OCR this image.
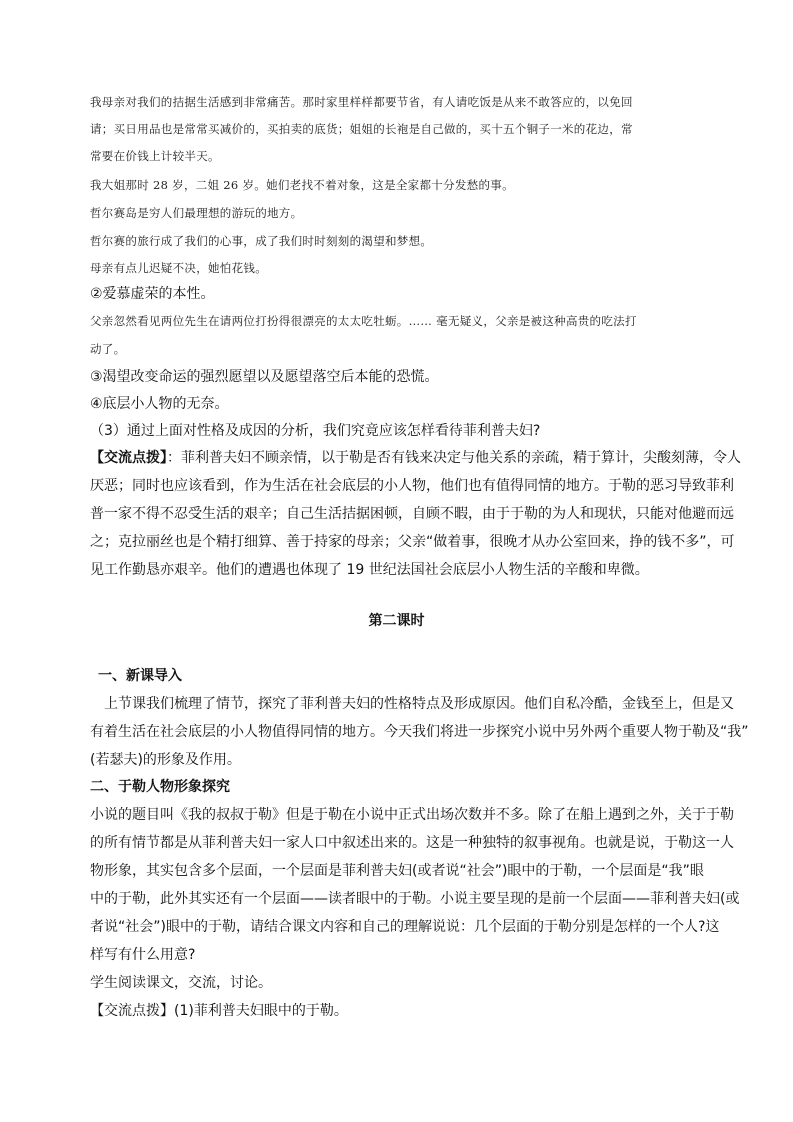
我母亲对我们的拮据生活感到非常痛苦。那时家里样样都要节省，有人请吃饭是从来不敢答应的，以免回
请；买日用品也是常常买减价的，买拍卖的底货；姐姐的长袍是自己做的，买十五个铜子一米的花边，常
常要在价钱上计较半天。
我大姐那时 28 岁，二姐 26 岁。她们老找不着对象，这是全家都十分发愁的事。
哲尔赛岛是穷人们最理想的游玩的地方。
哲尔赛的旅行成了我们的心事，成了我们时时刻刻的渴望和梦想。
母亲有点儿迟疑不决，她怕花钱。
②爱慕虚荣的本性。
父亲忽然看见两位先生在请两位打扮得很漂亮的太太吃牡蛎。…… 毫无疑义，父亲是被这种高贵的吃法打
动了。
③渴望改变命运的强烈愿望以及愿望落空后本能的恐慌。
④底层小人物的无奈。
（3）通过上面对性格及成因的分析，我们究竟应该怎样看待菲利普夫妇?
【交流点拨】：菲利普夫妇不顾亲情，以于勒是否有钱来决定与他关系的亲疏，精于算计，尖酸刻薄，令人
厌恶；同时也应该看到，作为生活在社会底层的小人物，他们也有值得同情的地方。于勒的恶习导致菲利
普一家不得不忍受生活的艰辛；自己生活拮据困顿，自顾不暇，由于于勒的为人和现状，只能对他避而远
之；克拉丽丝也是个精打细算、善于持家的母亲；父亲“做着事，很晚才从办公室回来，挣的钱不多”，可
见工作勤恳亦艰辛。他们的遭遇也体现了 19 世纪法国社会底层小人物生活的辛酸和卑微。
第二课时
一、新课导入
上节课我们梳理了情节，探究了菲利普夫妇的性格特点及形成原因。他们自私冷酷，金钱至上，但是又
有着生活在社会底层的小人物值得同情的地方。今天我们将进一步探究小说中另外两个重要人物于勒及“我”
(若瑟夫)的形象及作用。
二、于勒人物形象探究
小说的题目叫《我的叔叔于勒》但是于勒在小说中正式出场次数并不多。除了在船上遇到之外，关于于勒
的所有情节都是从菲利普夫妇一家人口中叙述出来的。这是一种独特的叙事视角。也就是说，于勒这一人
物形象，其实包含多个层面，一个层面是菲利普夫妇(或者说“社会”)眼中的于勒，一个层面是“我”眼
中的于勒，此外其实还有一个层面——读者眼中的于勒。小说主要呈现的是前一个层面——菲利普夫妇(或
者说“社会”)眼中的于勒，请结合课文内容和自己的理解说说：几个层面的于勒分别是怎样的一个人?这
样写有什么用意?
学生阅读课文，交流，讨论。
【交流点拨】(1)菲利普夫妇眼中的于勒。
